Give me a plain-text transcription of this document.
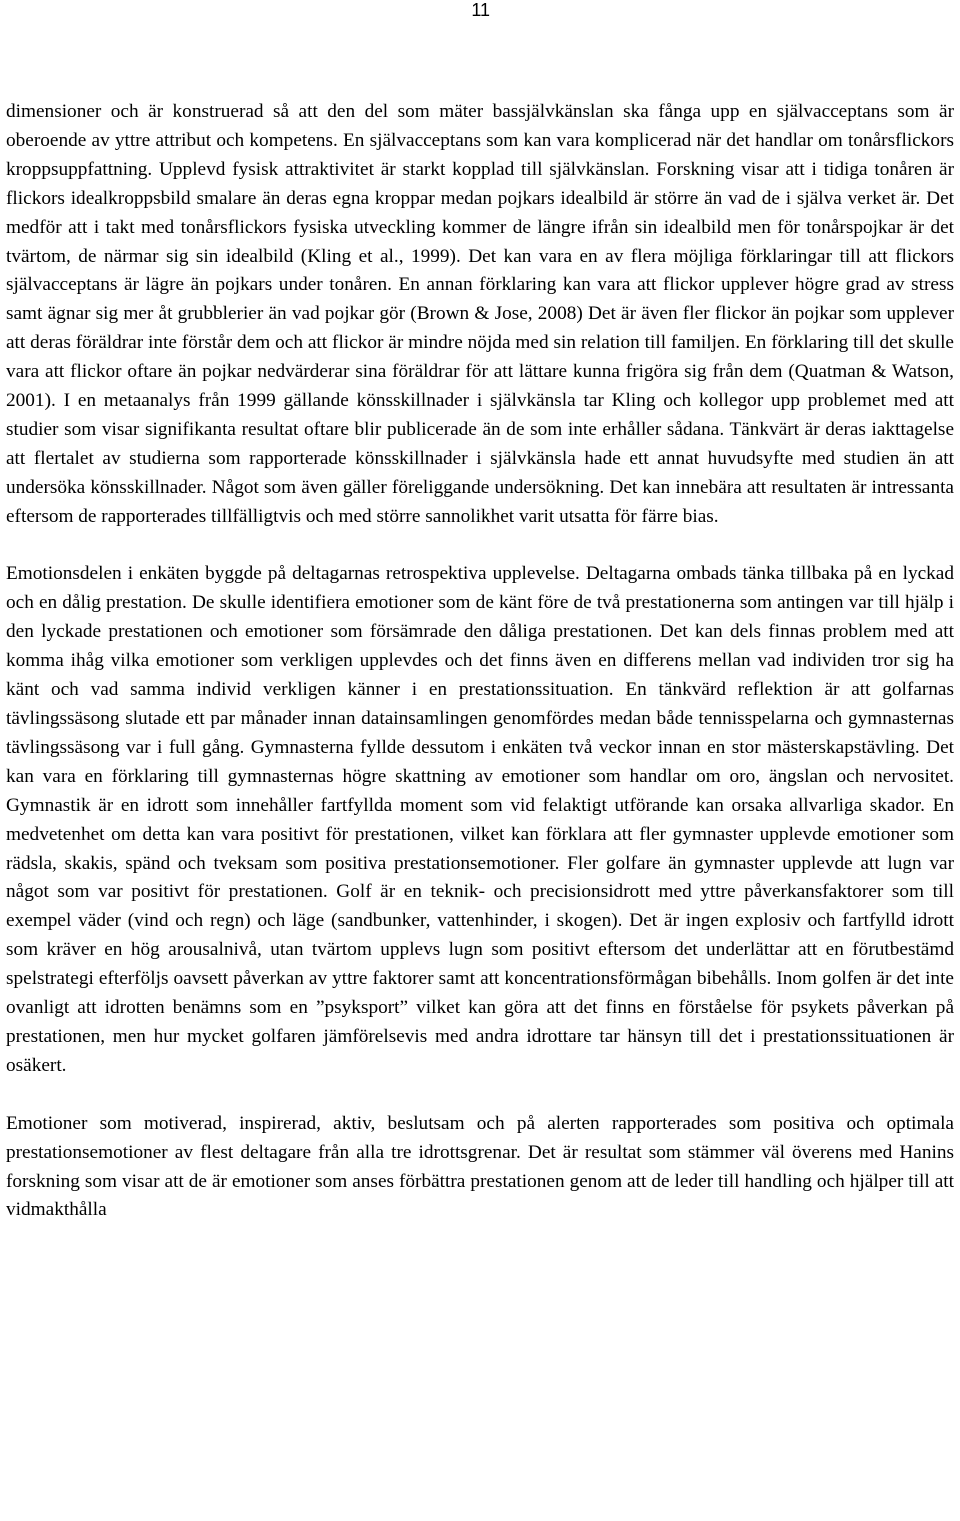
11

dimensioner och är konstruerad så att den del som mäter bassjälvkänslan ska fånga upp en självacceptans som är oberoende av yttre attribut och kompetens. En självacceptans som kan vara komplicerad när det handlar om tonårsflickors kroppsuppfattning. Upplevd fysisk attraktivitet är starkt kopplad till självkänslan. Forskning visar att i tidiga tonåren är flickors idealkroppsbild smalare än deras egna kroppar medan pojkars idealbild är större än vad de i själva verket är. Det medför att i takt med tonårsflickors fysiska utveckling kommer de längre ifrån sin idealbild men för tonårspojkar är det tvärtom, de närmar sig sin idealbild (Kling et al., 1999). Det kan vara en av flera möjliga förklaringar till att flickors självacceptans är lägre än pojkars under tonåren. En annan förklaring kan vara att flickor upplever högre grad av stress samt ägnar sig mer åt grubblerier än vad pojkar gör (Brown & Jose, 2008) Det är även fler flickor än pojkar som upplever att deras föräldrar inte förstår dem och att flickor är mindre nöjda med sin relation till familjen. En förklaring till det skulle vara att flickor oftare än pojkar nedvärderar sina föräldrar för att lättare kunna frigöra sig från dem (Quatman & Watson, 2001). I en metaanalys från 1999 gällande könsskillnader i självkänsla tar Kling och kollegor upp problemet med att studier som visar signifikanta resultat oftare blir publicerade än de som inte erhåller sådana. Tänkvärt är deras iakttagelse att flertalet av studierna som rapporterade könsskillnader i självkänsla hade ett annat huvudsyfte med studien än att undersöka könsskillnader. Något som även gäller föreliggande undersökning. Det kan innebära att resultaten är intressanta eftersom de rapporterades tillfälligtvis och med större sannolikhet varit utsatta för färre bias.

Emotionsdelen i enkäten byggde på deltagarnas retrospektiva upplevelse. Deltagarna ombads tänka tillbaka på en lyckad och en dålig prestation. De skulle identifiera emotioner som de känt före de två prestationerna som antingen var till hjälp i den lyckade prestationen och emotioner som försämrade den dåliga prestationen. Det kan dels finnas problem med att komma ihåg vilka emotioner som verkligen upplevdes och det finns även en differens mellan vad individen tror sig ha känt och vad samma individ verkligen känner i en prestationssituation. En tänkvärd reflektion är att golfarnas tävlingssäsong slutade ett par månader innan datainsamlingen genomfördes medan både tennisspelarna och gymnasternas tävlingssäsong var i full gång. Gymnasterna fyllde dessutom i enkäten två veckor innan en stor mästerskapstävling. Det kan vara en förklaring till gymnasternas högre skattning av emotioner som handlar om oro, ängslan och nervositet. Gymnastik är en idrott som innehåller fartfyllda moment som vid felaktigt utförande kan orsaka allvarliga skador. En medvetenhet om detta kan vara positivt för prestationen, vilket kan förklara att fler gymnaster upplevde emotioner som rädsla, skakis, spänd och tveksam som positiva prestationsemotioner. Fler golfare än gymnaster upplevde att lugn var något som var positivt för prestationen. Golf är en teknik- och precisionsidrott med yttre påverkansfaktorer som till exempel väder (vind och regn) och läge (sandbunker, vattenhinder, i skogen). Det är ingen explosiv och fartfylld idrott som kräver en hög arousalnivå, utan tvärtom upplevs lugn som positivt eftersom det underlättar att en förutbestämd spelstrategi efterföljs oavsett påverkan av yttre faktorer samt att koncentrationsförmågan bibehålls. Inom golfen är det inte ovanligt att idrotten benämns som en ”psyksport” vilket kan göra att det finns en förståelse för psykets påverkan på prestationen, men hur mycket golfaren jämförelsevis med andra idrottare tar hänsyn till det i prestationssituationen är osäkert.

Emotioner som motiverad, inspirerad, aktiv, beslutsam och på alerten rapporterades som positiva och optimala prestationsemotioner av flest deltagare från alla tre idrottsgrenar. Det är resultat som stämmer väl överens med Hanins forskning som visar att de är emotioner som anses förbättra prestationen genom att de leder till handling och hjälper till att vidmakthålla
